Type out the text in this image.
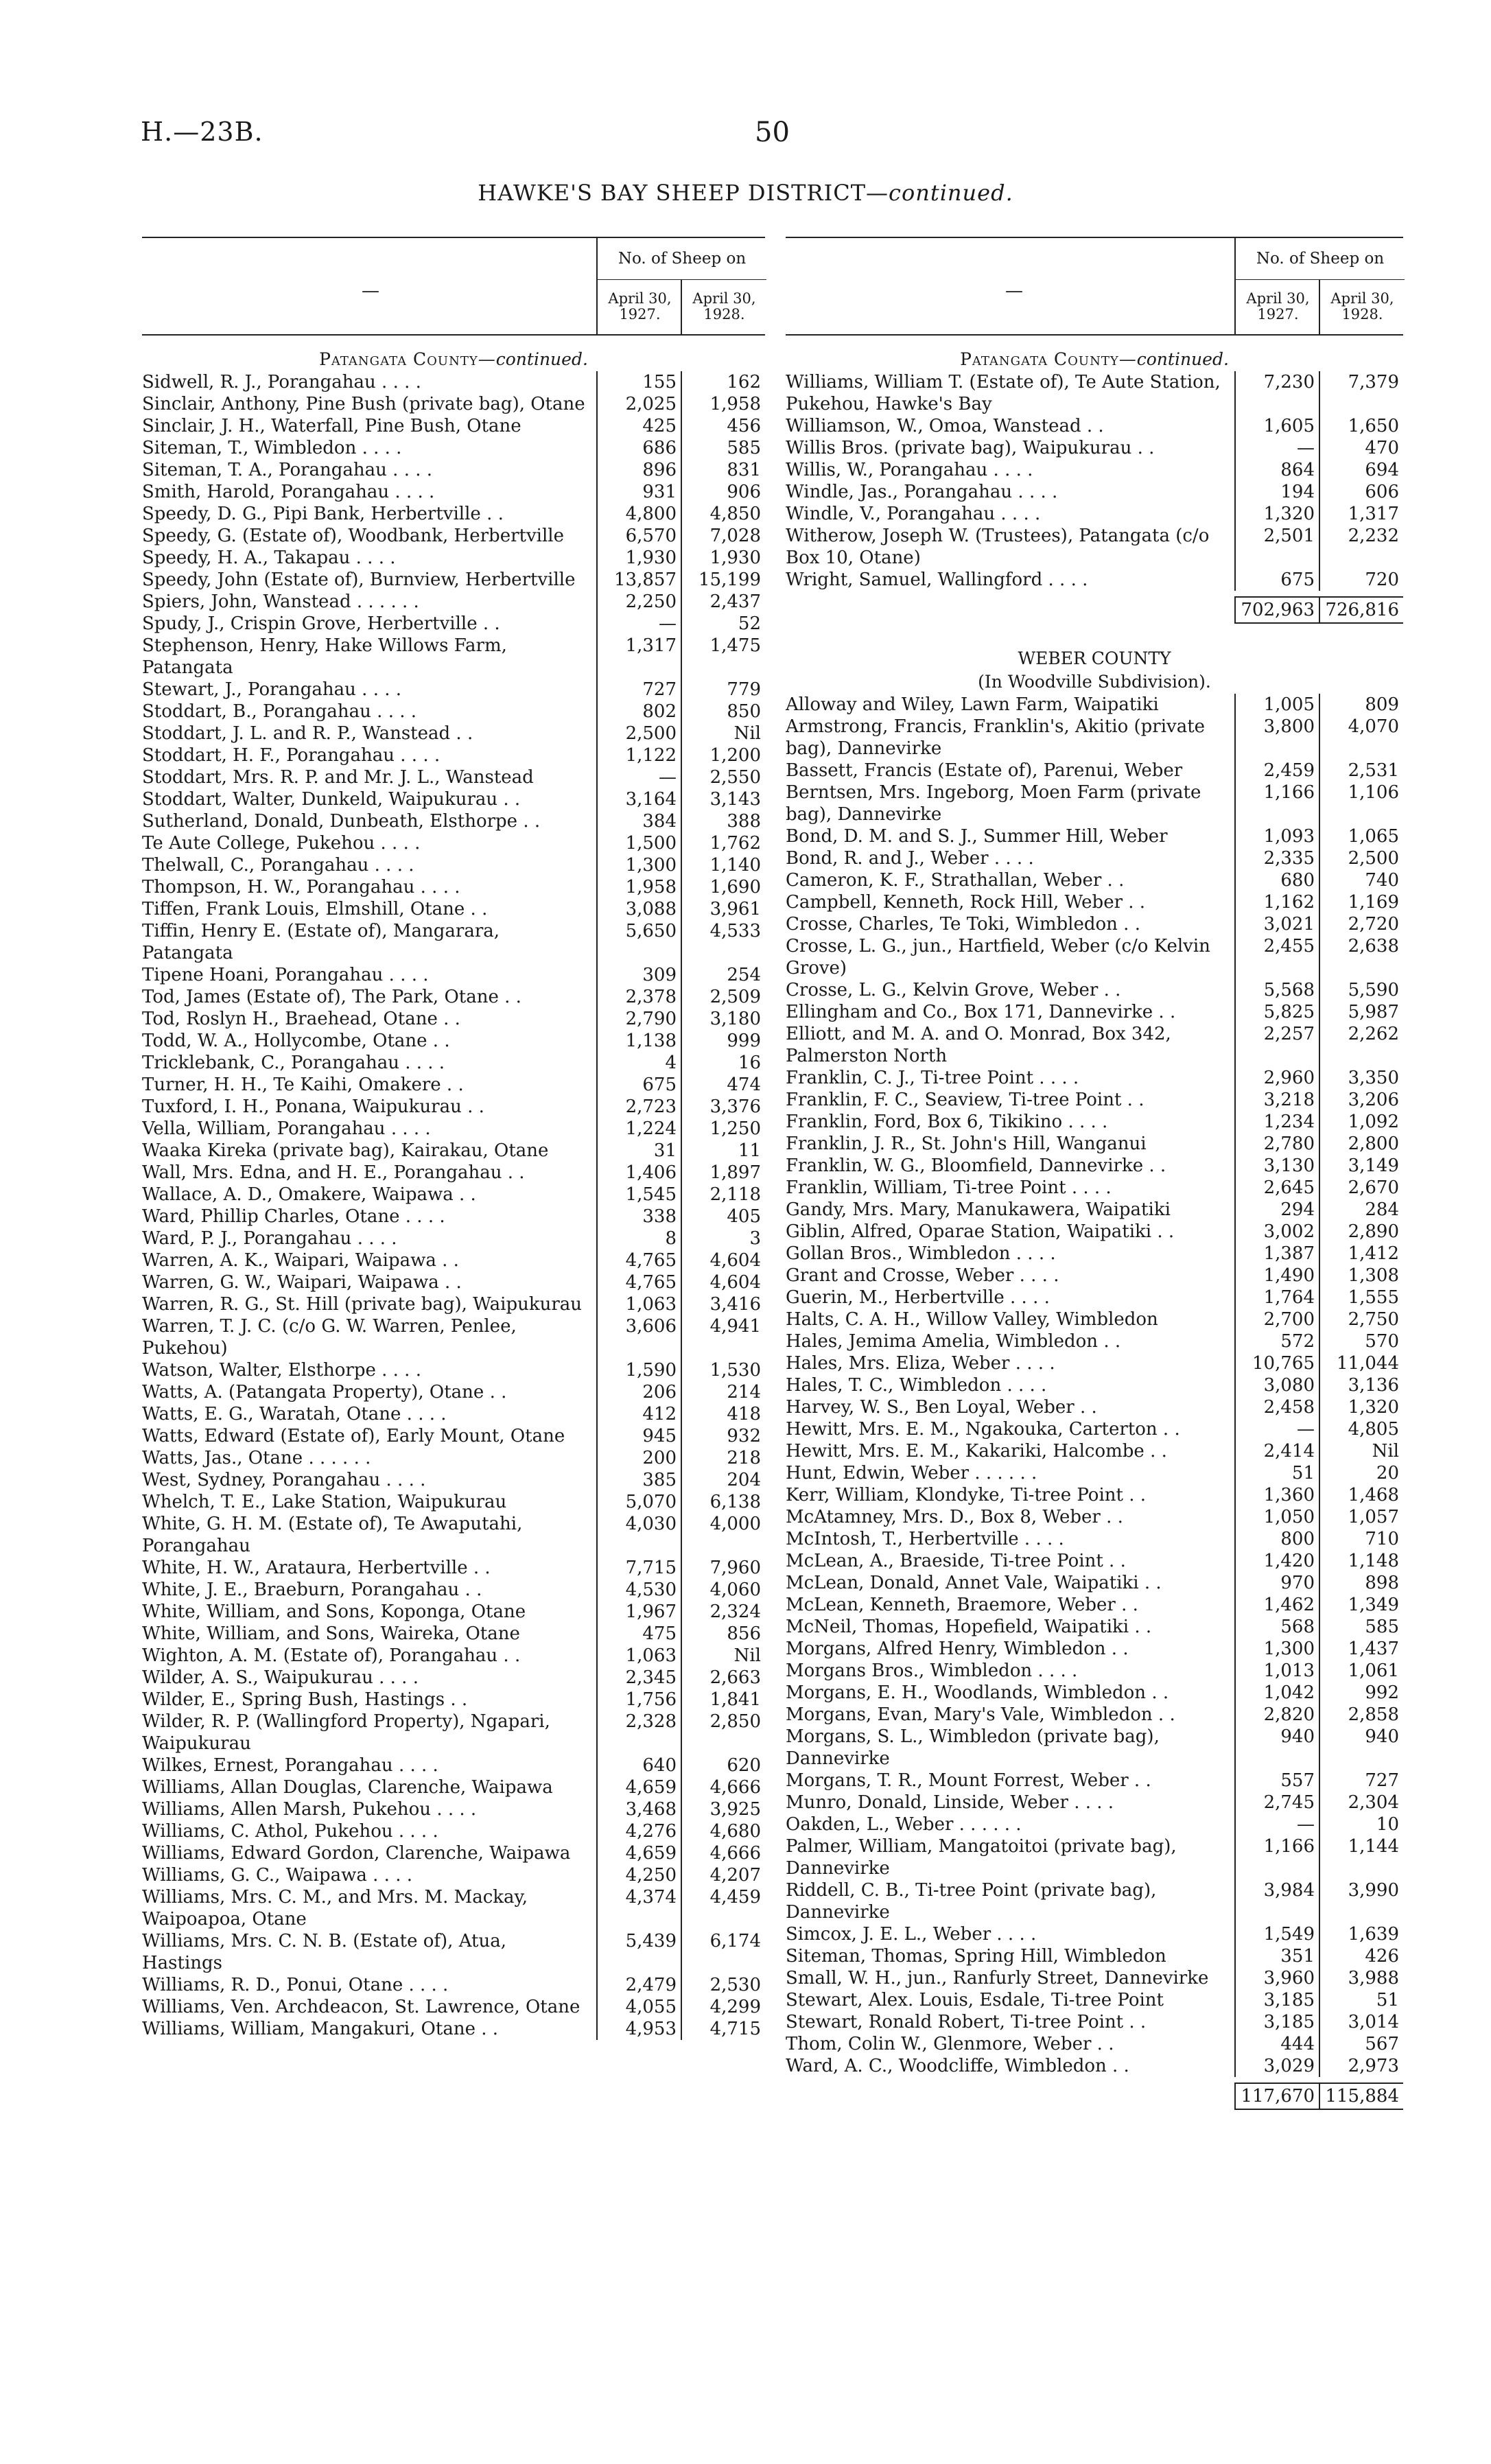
H.—23B.	50
HAWKE'S BAY SHEEP DISTRICT—continued.
—
No. of Sheep on
April 30, 1927.
April 30, 1928.
Patangata County—continued.
Sidwell, R. J., Porangahau . . . .	155	162
Sinclair, Anthony, Pine Bush (private bag), Otane	2,025	1,958
Sinclair, J. H., Waterfall, Pine Bush, Otane	425	456
Siteman, T., Wimbledon . . . .	686	585
Siteman, T. A., Porangahau . . . .	896	831
Smith, Harold, Porangahau . . . .	931	906
Speedy, D. G., Pipi Bank, Herbertville . .	4,800	4,850
Speedy, G. (Estate of), Woodbank, Herbertville	6,570	7,028
Speedy, H. A., Takapau . . . .	1,930	1,930
Speedy, John (Estate of), Burnview, Herbertville	13,857	15,199
Spiers, John, Wanstead . . . . . .	2,250	2,437
Spudy, J., Crispin Grove, Herbertville . .	—	52
Stephenson, Henry, Hake Willows Farm, Patangata
1,317	1,475
Stewart, J., Porangahau . . . .	727	779
Stoddart, B., Porangahau . . . .	802	850
Stoddart, J. L. and R. P., Wanstead . .	2,500	Nil
Stoddart, H. F., Porangahau . . . .	1,122	1,200
Stoddart, Mrs. R. P. and Mr. J. L., Wanstead	—	2,550
Stoddart, Walter, Dunkeld, Waipukurau . .	3,164	3,143
Sutherland, Donald, Dunbeath, Elsthorpe . .	384	388
Te Aute College, Pukehou . . . .	1,500	1,762
Thelwall, C., Porangahau . . . .	1,300	1,140
Thompson, H. W., Porangahau . . . .	1,958	1,690
Tiffen, Frank Louis, Elmshill, Otane . .	3,088	3,961
Tiffin, Henry E. (Estate of), Mangarara, Patangata
5,650	4,533
Tipene Hoani, Porangahau . . . .	309	254
Tod, James (Estate of), The Park, Otane . .	2,378	2,509
Tod, Roslyn H., Braehead, Otane . .	2,790	3,180
Todd, W. A., Hollycombe, Otane . .	1,138	999
Tricklebank, C., Porangahau . . . .	4	16
Turner, H. H., Te Kaihi, Omakere . .	675	474
Tuxford, I. H., Ponana, Waipukurau . .	2,723	3,376
Vella, William, Porangahau . . . .	1,224	1,250
Waaka Kireka (private bag), Kairakau, Otane	31	11
Wall, Mrs. Edna, and H. E., Porangahau . .	1,406	1,897
Wallace, A. D., Omakere, Waipawa . .	1,545	2,118
Ward, Phillip Charles, Otane . . . .	338	405
Ward, P. J., Porangahau . . . .	8	3
Warren, A. K., Waipari, Waipawa . .	4,765	4,604
Warren, G. W., Waipari, Waipawa . .	4,765	4,604
Warren, R. G., St. Hill (private bag), Waipukurau	1,063	3,416
Warren, T. J. C. (c/o G. W. Warren, Penlee, Pukehou)
3,606	4,941
Watson, Walter, Elsthorpe . . . .	1,590	1,530
Watts, A. (Patangata Property), Otane . .	206	214
Watts, E. G., Waratah, Otane . . . .	412	418
Watts, Edward (Estate of), Early Mount, Otane	945	932
Watts, Jas., Otane . . . . . .	200	218
West, Sydney, Porangahau . . . .	385	204
Whelch, T. E., Lake Station, Waipukurau	5,070	6,138
White, G. H. M. (Estate of), Te Awaputahi, Porangahau
4,030	4,000
White, H. W., Arataura, Herbertville . .	7,715	7,960
White, J. E., Braeburn, Porangahau . .	4,530	4,060
White, William, and Sons, Koponga, Otane	1,967	2,324
White, William, and Sons, Waireka, Otane	475	856
Wighton, A. M. (Estate of), Porangahau . .	1,063	Nil
Wilder, A. S., Waipukurau . . . .	2,345	2,663
Wilder, E., Spring Bush, Hastings . .	1,756	1,841
Wilder, R. P. (Wallingford Property), Ngapari, Waipukurau
2,328	2,850
Wilkes, Ernest, Porangahau . . . .	640	620
Williams, Allan Douglas, Clarenche, Waipawa	4,659	4,666
Williams, Allen Marsh, Pukehou . . . .	3,468	3,925
Williams, C. Athol, Pukehou . . . .	4,276	4,680
Williams, Edward Gordon, Clarenche, Waipawa	4,659	4,666
Williams, G. C., Waipawa . . . .	4,250	4,207
Williams, Mrs. C. M., and Mrs. M. Mackay, Waipoapoa, Otane
4,374	4,459
Williams, Mrs. C. N. B. (Estate of), Atua, Hastings
5,439	6,174
Williams, R. D., Ponui, Otane . . . .	2,479	2,530
Williams, Ven. Archdeacon, St. Lawrence, Otane	4,055	4,299
Williams, William, Mangakuri, Otane . .	4,953	4,715
—
No. of Sheep on
April 30, 1927.
April 30, 1928.
Patangata County—continued.
Williams, William T. (Estate of), Te Aute Station, Pukehou, Hawke's Bay
7,230	7,379
Williamson, W., Omoa, Wanstead . .	1,605	1,650
Willis Bros. (private bag), Waipukurau . .	—	470
Willis, W., Porangahau . . . .	864	694
Windle, Jas., Porangahau . . . .	194	606
Windle, V., Porangahau . . . .	1,320	1,317
Witherow, Joseph W. (Trustees), Patangata (c/o Box 10, Otane)
2,501	2,232
Wright, Samuel, Wallingford . . . .	675	720
702,963 726,816
WEBER COUNTY
(In Woodville Subdivision).
Alloway and Wiley, Lawn Farm, Waipatiki	1,005	809
Armstrong, Francis, Franklin's, Akitio (private bag), Dannevirke
3,800	4,070
Bassett, Francis (Estate of), Parenui, Weber	2,459	2,531
Berntsen, Mrs. Ingeborg, Moen Farm (private bag), Dannevirke
1,166	1,106
Bond, D. M. and S. J., Summer Hill, Weber	1,093	1,065
Bond, R. and J., Weber . . . .	2,335	2,500
Cameron, K. F., Strathallan, Weber . .	680	740
Campbell, Kenneth, Rock Hill, Weber . .	1,162	1,169
Crosse, Charles, Te Toki, Wimbledon . .	3,021	2,720
Crosse, L. G., jun., Hartfield, Weber (c/o Kelvin Grove)
2,455	2,638
Crosse, L. G., Kelvin Grove, Weber . .	5,568	5,590
Ellingham and Co., Box 171, Dannevirke . .	5,825	5,987
Elliott, and M. A. and O. Monrad, Box 342, Palmerston North
2,257	2,262
Franklin, C. J., Ti-tree Point . . . .	2,960	3,350
Franklin, F. C., Seaview, Ti-tree Point . .	3,218	3,206
Franklin, Ford, Box 6, Tikikino . . . .	1,234	1,092
Franklin, J. R., St. John's Hill, Wanganui	2,780	2,800
Franklin, W. G., Bloomfield, Dannevirke . .	3,130	3,149
Franklin, William, Ti-tree Point . . . .	2,645	2,670
Gandy, Mrs. Mary, Manukawera, Waipatiki	294	284
Giblin, Alfred, Oparae Station, Waipatiki . .	3,002	2,890
Gollan Bros., Wimbledon . . . .	1,387	1,412
Grant and Crosse, Weber . . . .	1,490	1,308
Guerin, M., Herbertville . . . .	1,764	1,555
Halts, C. A. H., Willow Valley, Wimbledon	2,700	2,750
Hales, Jemima Amelia, Wimbledon . .	572	570
Hales, Mrs. Eliza, Weber . . . .	10,765	11,044
Hales, T. C., Wimbledon . . . .	3,080	3,136
Harvey, W. S., Ben Loyal, Weber . .	2,458	1,320
Hewitt, Mrs. E. M., Ngakouka, Carterton . .	—	4,805
Hewitt, Mrs. E. M., Kakariki, Halcombe . .	2,414	Nil
Hunt, Edwin, Weber . . . . . .	51	20
Kerr, William, Klondyke, Ti-tree Point . .	1,360	1,468
McAtamney, Mrs. D., Box 8, Weber . .	1,050	1,057
McIntosh, T., Herbertville . . . .	800	710
McLean, A., Braeside, Ti-tree Point . .	1,420	1,148
McLean, Donald, Annet Vale, Waipatiki . .	970	898
McLean, Kenneth, Braemore, Weber . .	1,462	1,349
McNeil, Thomas, Hopefield, Waipatiki . .	568	585
Morgans, Alfred Henry, Wimbledon . .	1,300	1,437
Morgans Bros., Wimbledon . . . .	1,013	1,061
Morgans, E. H., Woodlands, Wimbledon . .	1,042	992
Morgans, Evan, Mary's Vale, Wimbledon . .	2,820	2,858
Morgans, S. L., Wimbledon (private bag), Dannevirke
940	940
Morgans, T. R., Mount Forrest, Weber . .	557	727
Munro, Donald, Linside, Weber . . . .	2,745	2,304
Oakden, L., Weber . . . . . .	—	10
Palmer, William, Mangatoitoi (private bag), Dannevirke
1,166	1,144
Riddell, C. B., Ti-tree Point (private bag), Dannevirke
3,984	3,990
Simcox, J. E. L., Weber . . . .	1,549	1,639
Siteman, Thomas, Spring Hill, Wimbledon	351	426
Small, W. H., jun., Ranfurly Street, Dannevirke	3,960	3,988
Stewart, Alex. Louis, Esdale, Ti-tree Point	3,185	51
Stewart, Ronald Robert, Ti-tree Point . .	3,185	3,014
Thom, Colin W., Glenmore, Weber . .	444	567
Ward, A. C., Woodcliffe, Wimbledon . .	3,029	2,973
117,670 115,884
